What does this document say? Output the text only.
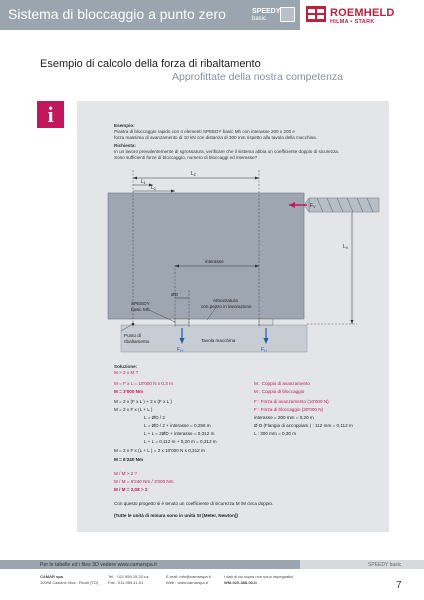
Sistema di bloccaggio a punto zero	SPEEDY
basic	ROEMHELD
HILMA • STARK
Esempio di calcolo della forza di ribaltamento
Approfittate della nostra competenza
i	Esempio:
Piastra di bloccaggio rapido con 4 elementi SPEEDY basic Mh con interasse 200 x 200 e
forza massima di avanzamento di 10 kN con distanza di 300 mm rispetto alla tavola della macchina.
Richiesta:
In un lavoro prevalentemente di sgrossatura, verificare che il sistema abbia un coefficiente doppio di sicurezza.
Sono sufficienti forze di bloccaggio, numero di bloccaggi ed interasse?
$L_Z$
$L_1$
$L_2$
$L_V$
$F_V$
$F_H$	$F_H$
interasse
ØD
SPEEDY
basic Mh
Attrezzatura
con pezzo in lavorazione
Punto di
ribaltamento	Tavola macchina
Soluzione:
M > 2 x M ?
M = F x L = 10'000 N x 0,3 m
M = 3'000 Nm
M = 2 x (F x L ) + 2 x (F x L )
M = 2 x F x (L + L )
L = ØD / 2
L = ØD / 2 + interasse = 0,256 m
L + L = 2ØD + interasse = 0,312 m
L + L = 0,112 m + 0,20 m = 0,312 m
M = 2 x F x (L + L ) = 2 x 10'000 N x 0,312 m
M = 6'240 Nm
M : Coppia di avanzamento
M : Coppia di bloccaggio
F : Forza di avanzamento (10'000 N)
F : Forza di bloccaggio (30'000 N)
interasse = 200 mm = 0,20 m
Ø D (Flangia di accoppiam.) : 112 mm = 0,112 m
L : 300 mm = 0,30 m
M / M > 2 ?
M / M = 6'240 Nm / 3'000 Nm
M / M = 2,08 > 2
Con questo progetto si è tenuto un coefficiente di sicurezza M /M circa doppio.
(Tutte le unità di misura sono in unità SI [Meter, Newton])
Per le tabelle ed i files 3D vedere www.camarspa.it	SPEEDY basic
CAMAR spa
10098 Cascine Vica - Rivoli (TO)
Tel. : 011.959.15.25 r.a.
Fax : 011.959.41.01
E-mail: info@camarspa.it
Web : www.camarspa.it
I dati di cui sopra non sono impegnativi
WM-020-388-00-it	7
